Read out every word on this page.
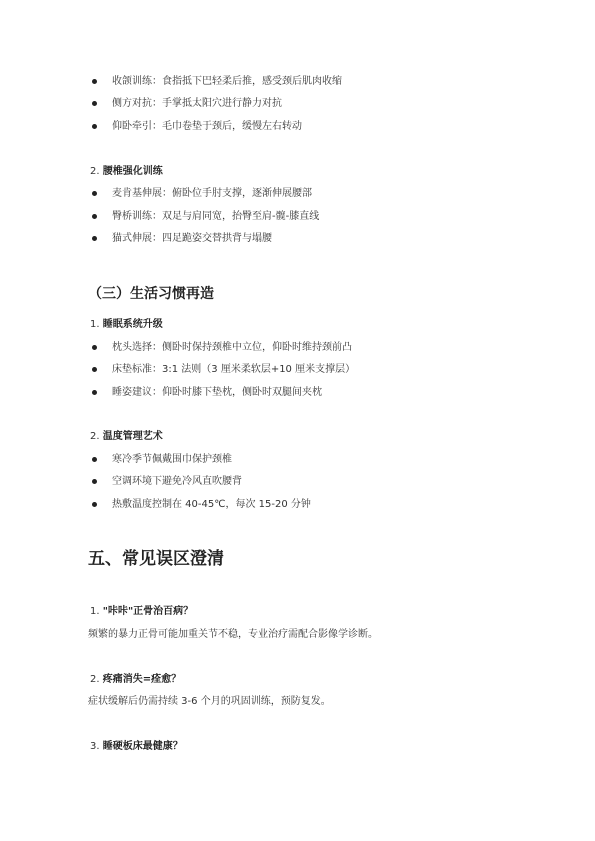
收颌训练：食指抵下巴轻柔后推，感受颈后肌肉收缩
侧方对抗：手掌抵太阳穴进行静力对抗
仰卧牵引：毛巾卷垫于颈后，缓慢左右转动
2. 腰椎强化训练
麦肯基伸展：俯卧位手肘支撑，逐渐伸展腰部
臀桥训练：双足与肩同宽，抬臀至肩-髋-膝直线
猫式伸展：四足跪姿交替拱背与塌腰
（三）生活习惯再造
1. 睡眠系统升级
枕头选择：侧卧时保持颈椎中立位，仰卧时维持颈前凸
床垫标准：3:1 法则（3 厘米柔软层+10 厘米支撑层）
睡姿建议：仰卧时膝下垫枕，侧卧时双腿间夹枕
2. 温度管理艺术
寒冷季节佩戴围巾保护颈椎
空调环境下避免冷风直吹腰背
热敷温度控制在 40-45℃，每次 15-20 分钟
五、常见误区澄清
1. "咔咔"正骨治百病？
频繁的暴力正骨可能加重关节不稳，专业治疗需配合影像学诊断。
2. 疼痛消失=痊愈？
症状缓解后仍需持续 3-6 个月的巩固训练，预防复发。
3. 睡硬板床最健康？
